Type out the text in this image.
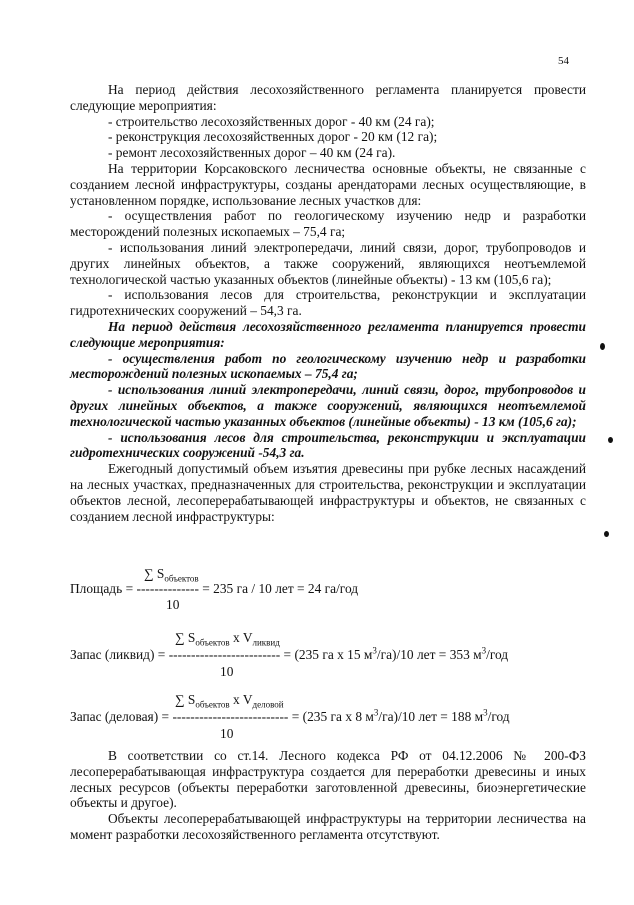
54

На период действия лесохозяйственного регламента планируется провести следующие мероприятия:

- строительство лесохозяйственных дорог - 40 км (24 га);

- реконструкция лесохозяйственных дорог - 20 км (12 га);

- ремонт лесохозяйственных дорог – 40 км (24 га).

На территории Корсаковского лесничества основные объекты, не связанные с созданием лесной инфраструктуры, созданы арендаторами лесных осуществляющие, в установленном порядке, использование лесных участков для:

- осуществления работ по геологическому изучению недр и разработки месторождений полезных ископаемых – 75,4 га;

- использования линий электропередачи, линий связи, дорог, трубопроводов и других линейных объектов, а также сооружений, являющихся неотъемлемой технологической частью указанных объектов (линейные объекты) - 13 км (105,6 га);

- использования лесов для строительства, реконструкции и эксплуатации гидротехнических сооружений – 54,3 га.

На период действия лесохозяйственного регламента планируется провести следующие мероприятия:

- осуществления работ по геологическому изучению недр и разработки месторождений полезных ископаемых – 75,4 га;

- использования линий электропередачи, линий связи, дорог, трубопроводов и других линейных объектов, а также сооружений, являющихся неотъемлемой технологической частью указанных объектов (линейные объекты) - 13 км (105,6 га);

- использования лесов для строительства, реконструкции и эксплуатации гидротехнических сооружений -54,3 га.

Ежегодный допустимый объем изъятия древесины при рубке лесных насаждений на лесных участках, предназначенных для строительства, реконструкции и эксплуатации объектов лесной, лесоперерабатывающей инфраструктуры и объектов, не связанных с созданием лесной инфраструктуры:

∑ $S_{объектов}$
Площадь = -------------- = 235 га / 10 лет = 24 га/год
10
∑ $S_{объектов}$ x $V_{ликвид}$
Запас (ликвид) = ------------------------- = (235 га x 15 $м^3/га)/10$ лет = 353 $м^3$/год
10
∑ $S_{объектов}$ x $V_{деловой}$
Запас (деловая) = -------------------------- = (235 га x 8 $м^3/га)/10$ лет = 188 $м^3$/год
10

В соответствии со ст.14. Лесного кодекса РФ от 04.12.2006 № 200-ФЗ лесоперерабатывающая инфраструктура создается для переработки древесины и иных лесных ресурсов (объекты переработки заготовленной древесины, биоэнергетические объекты и другое).

Объекты лесоперерабатывающей инфраструктуры на территории лесничества на момент разработки лесохозяйственного регламента отсутствуют.
